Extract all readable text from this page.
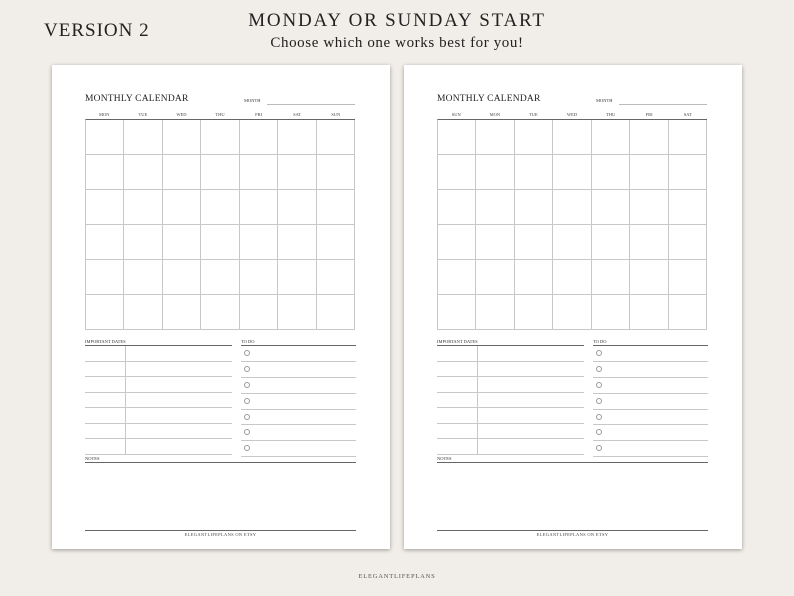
VERSION 2	MONDAY OR SUNDAY START
Choose which one works best for you!
MONTHLY CALENDAR	MONTH
MON	TUE	WED	THU	FRI	SAT	SUN
IMPORTANT DATES	TO DO
NOTES
ELEGANTLIFEPLANS ON ETSY
MONTHLY CALENDAR	MONTH
SUN	MON	TUE	WED	THU	FRI	SAT
IMPORTANT DATES	TO DO
NOTES
ELEGANTLIFEPLANS ON ETSY
ELEGANTLIFEPLANS
